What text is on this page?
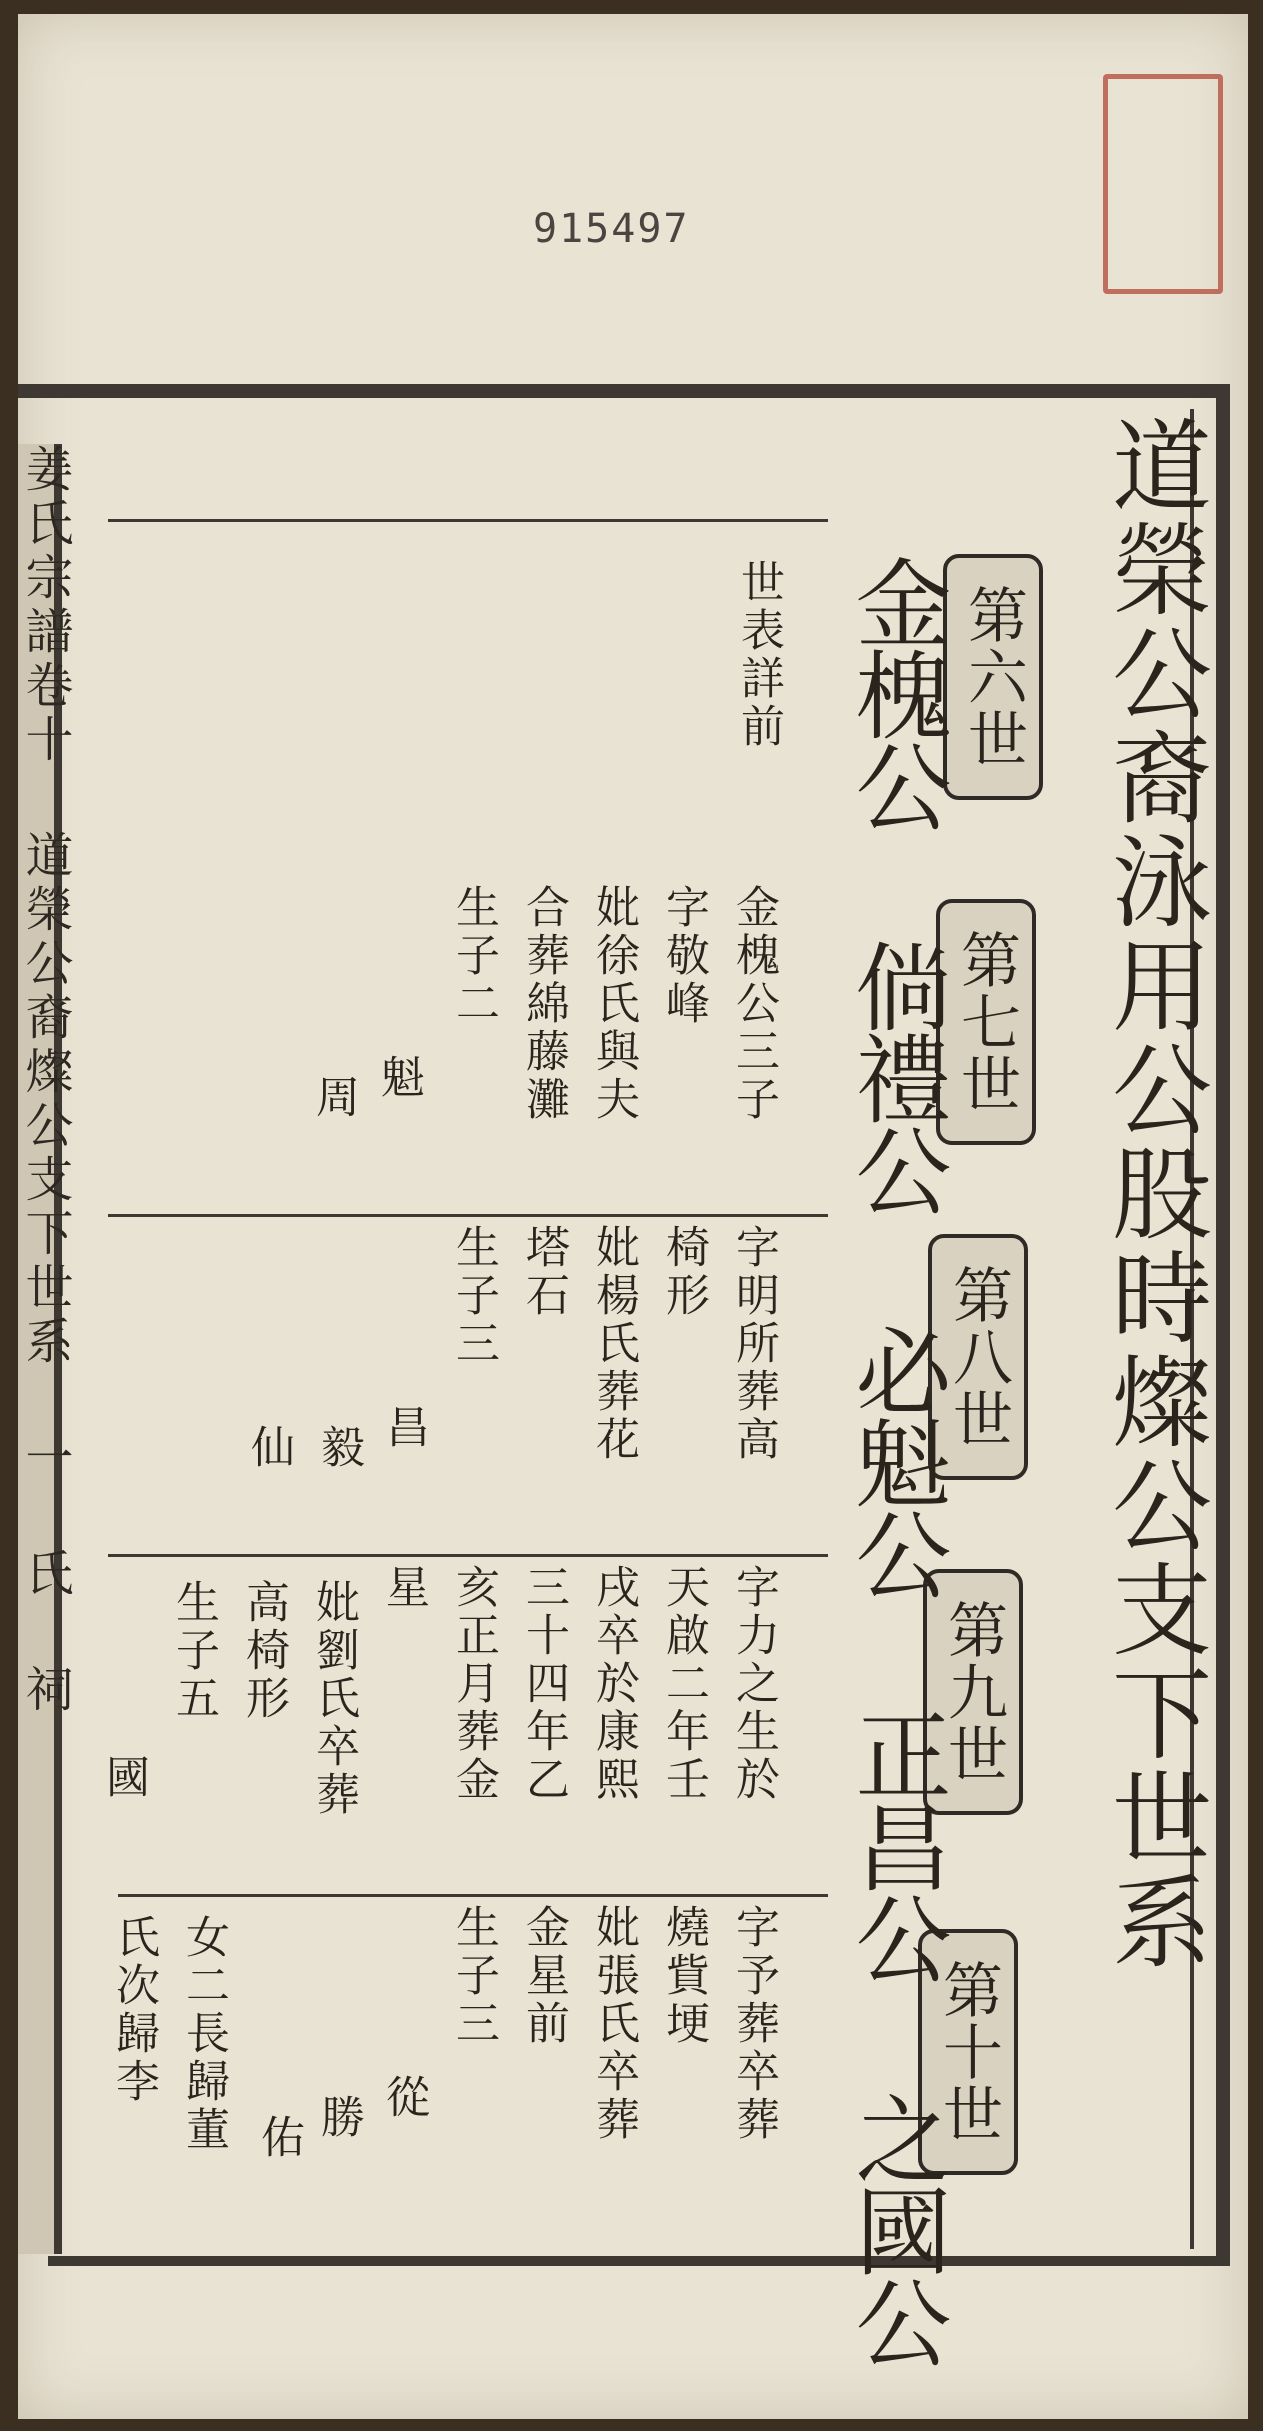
915497
姜氏宗譜卷十 道榮公裔燦公支下世系 一 氏 祠	道榮公裔泳用公股時燦公支下世系
第六世
第七世
第八世
第九世
第十世
金槐公 倘禮公 必魁公 正昌公 之國公
世表詳前
金槐公三子
字敬峰
妣徐氏與夫
合葬綿藤灘
生子二
魁
周
字明所葬高
椅形
妣楊氏葬花
塔石
生子三
昌
毅
仙
字力之生於
天啟二年壬
戌卒於康熙
三十四年乙
亥正月葬金
星
妣劉氏卒葬
高椅形
生子五
國
字予葬卒葬
燒貲埂
妣張氏卒葬
金星前
生子三
從
勝
佑
女二長歸董
氏次歸李
